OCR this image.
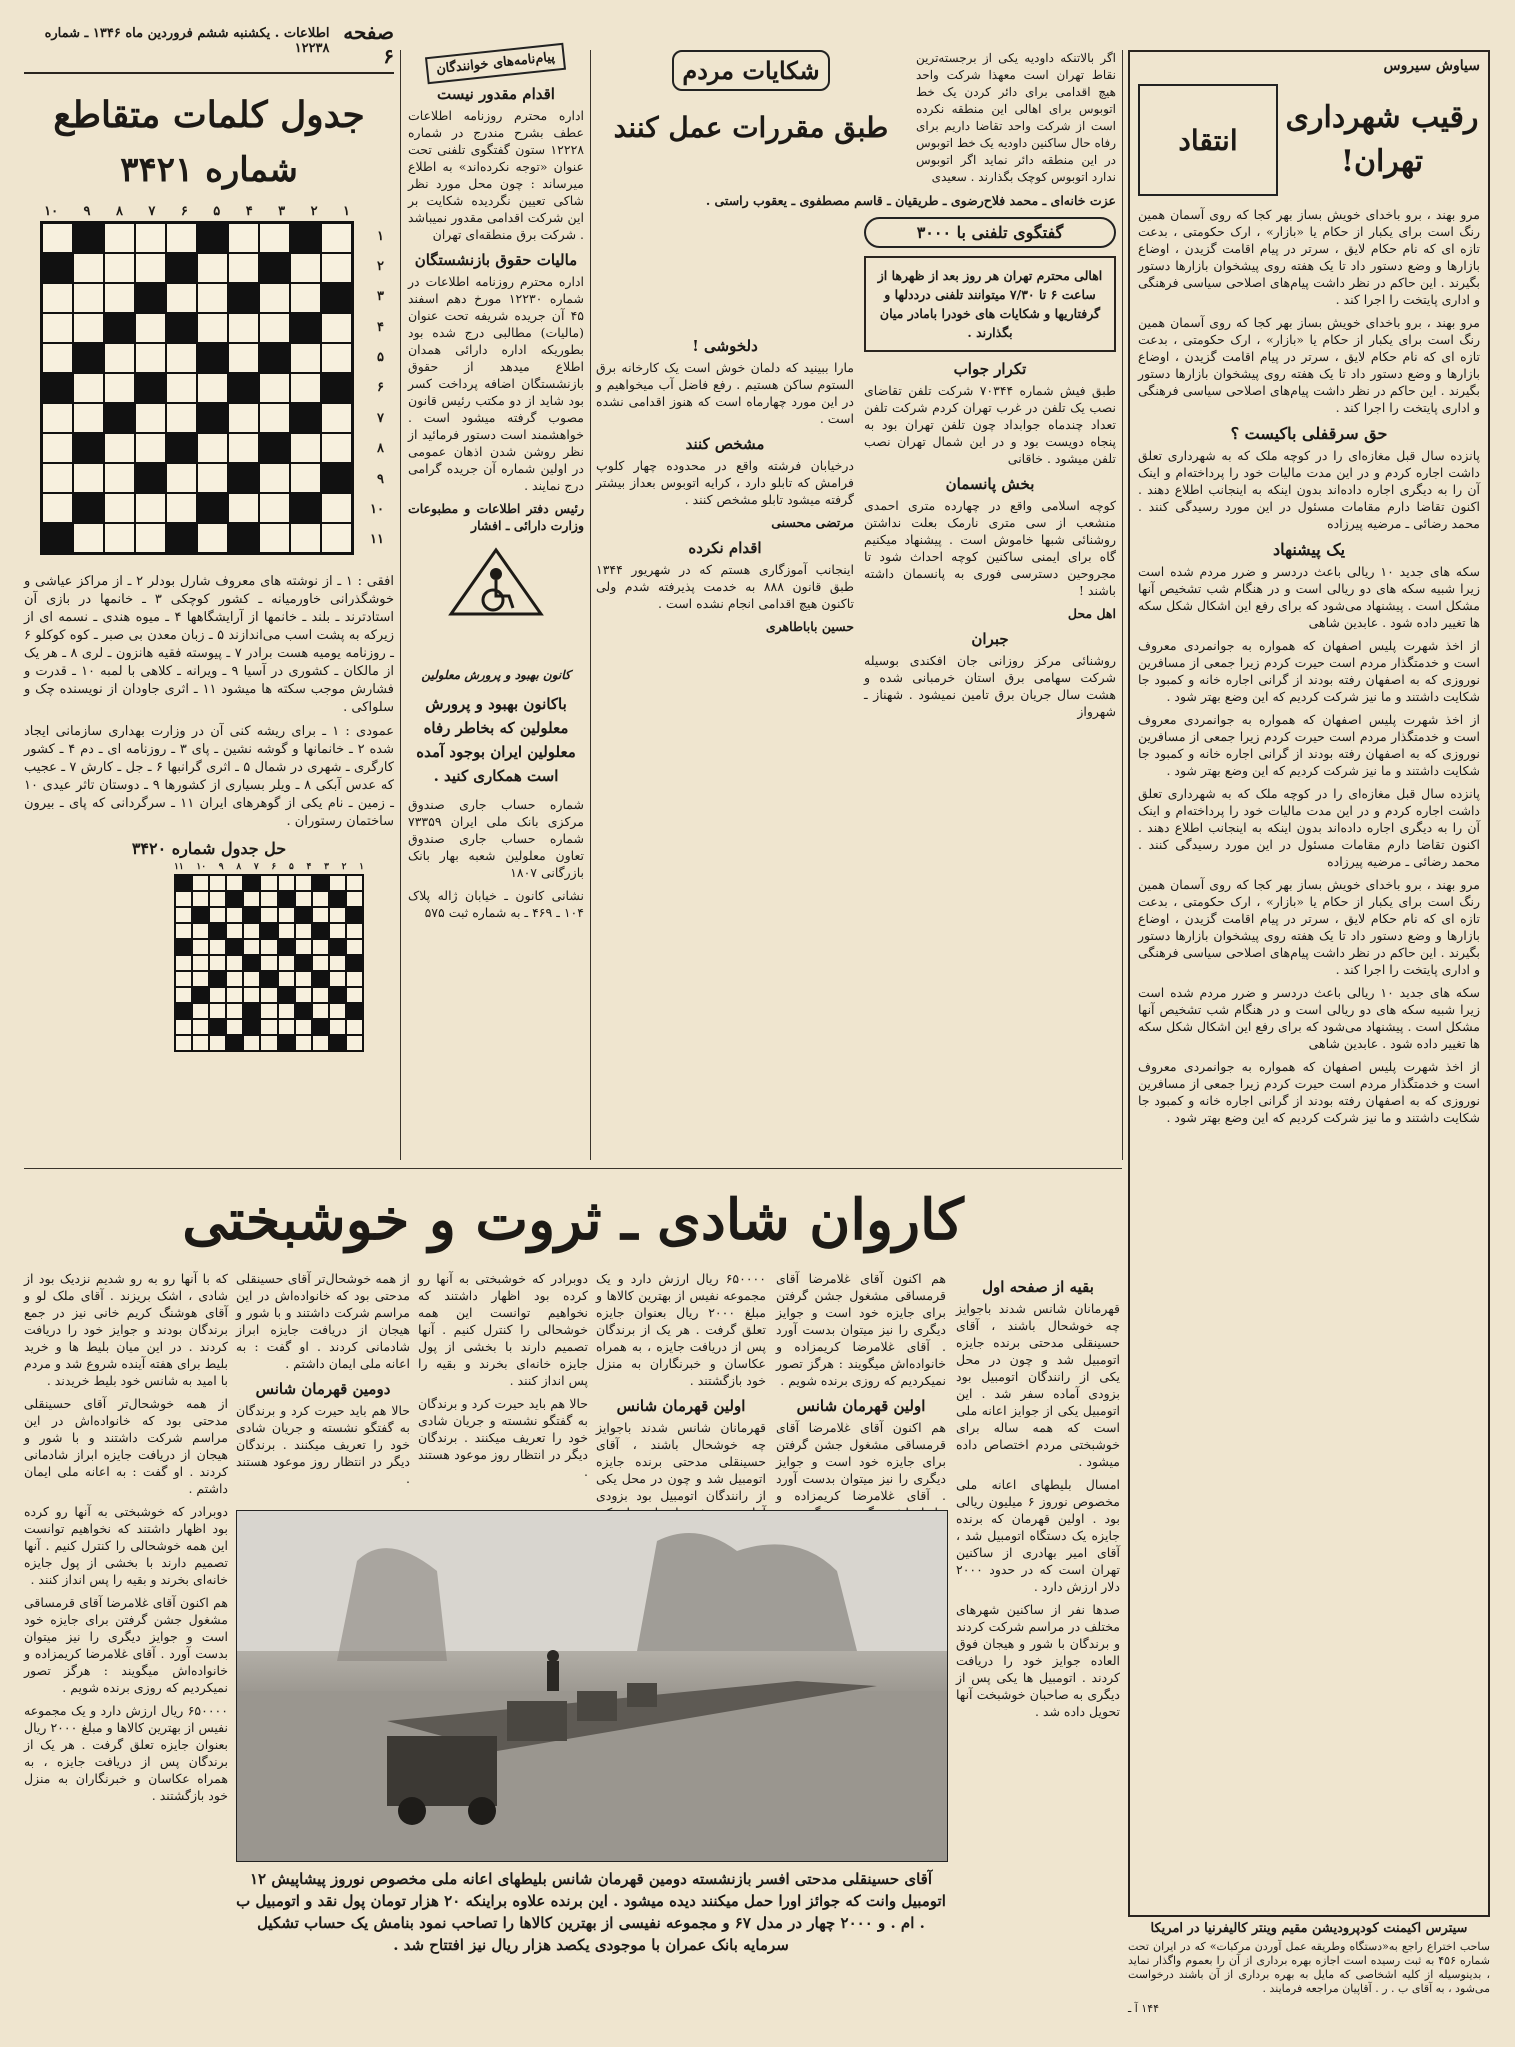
صفحه ۶
اطلاعات . یکشنبه ششم فروردین ماه ۱۳۴۶ ـ شماره ۱۲۲۳۸
جدول کلمات متقاطع
شماره ۳۴۲۱
۱
۲
۳
۴
۵
۶
۷
۸
۹
۱۰
۱
۲
۳
۴
۵
۶
۷
۸
۹
۱۰
۱۱

افقی : ۱ ـ از نوشته های معروف شارل بودلر ۲ ـ از مراکز عیاشی و خوشگذرانی خاورمیانه ـ کشور کوچکی ۳ ـ خانمها در بازی آن استادترند ـ بلند ـ خانمها از آرایشگاهها ۴ ـ میوه هندی ـ نسمه ای از زیرکه به پشت اسب می‌اندازند ۵ ـ زبان معدن بی صبر ـ کوه کوکلو ۶ ـ روزنامه یومیه هست برادر ۷ ـ پیوسته فقیه هانزون ـ لری ۸ ـ هر یک از مالکان ـ کشوری در آسیا ۹ ـ ویرانه ـ کلاهی با لمبه ۱۰ ـ قدرت و فشارش موجب سکته ها میشود ۱۱ ـ اثری جاودان از نویسنده چک و سلواکی .

عمودی : ۱ ـ برای ریشه کنی آن در وزارت بهداری سازمانی ایجاد شده ۲ ـ خانمانها و گوشه نشین ـ پای ۳ ـ روزنامه ای ـ دم ۴ ـ کشور کارگری ـ شهری در شمال ۵ ـ اثری گرانبها ۶ ـ جل ـ کارش ۷ ـ عجیب که عدس آبکی ۸ ـ ویلر بسیاری از کشورها ۹ ـ دوستان تاثر عیدی ۱۰ ـ زمین ـ نام یکی از گوهرهای ایران ۱۱ ـ سرگردانی که پای ـ بیرون ساختمان رستوران .

حل جدول شماره ۳۴۲۰
۱
۲
۳
۴
۵
۶
۷
۸
۹
۱۰
۱۱
پیام‌نامه‌های خوانندگان
اقدام مقدور نیست

اداره محترم روزنامه اطلاعات عطف بشرح مندرج در شماره ۱۲۲۲۸ ستون گفتگوی تلفنی تحت عنوان «توجه نکرده‌اند» به اطلاع میرساند : چون محل مورد نظر شاکی تعیین نگردیده شکایت بر این شرکت اقدامی مقدور نمیباشد . شرکت برق منطقه‌ای تهران

مالیات حقوق بازنشستگان

اداره محترم روزنامه اطلاعات در شماره ۱۲۲۳۰ مورخ دهم اسفند ۴۵ آن جریده شریفه تحت عنوان (مالیات) مطالبی درج شده بود بطوریکه اداره دارائی همدان اطلاع میدهد از حقوق بازنشستگان اضافه پرداخت کسر بود شاید از دو مکتب رئیس قانون مصوب گرفته میشود است . خواهشمند است دستور فرمائید از نظر روشن شدن اذهان عمومی در اولین شماره آن جریده گرامی درج نمایند .

رئیس دفتر اطلاعات و مطبوعات وزارت دارائی ـ افشار

کانون بهبود و پرورش معلولین
باکانون بهبود و پرورش معلولین که بخاطر رفاه معلولین ایران بوجود آمده است همکاری کنید .

شماره حساب جاری صندوق مرکزی بانک ملی ایران ۷۳۳۵۹ شماره حساب جاری صندوق تعاون معلولین شعبه بهار بانک بازرگانی ۱۸۰۷

نشانی کانون ـ خیابان ژاله پلاک ۱۰۴ ـ ۴۶۹ ـ به شماره ثبت ۵۷۵

اگر بالاتنکه داودیه یکی از برجسته‌ترین نقاط تهران است معهذا شرکت واحد هیچ اقدامی برای دائر کردن یک خط اتوبوس برای اهالی این منطقه نکرده است از شرکت واحد تقاضا داریم برای رفاه حال ساکنین داودیه یک خط اتوبوس در این منطقه دائر نماید اگر اتوبوس ندارد اتوبوس کوچک بگذارند . سعیدی

شکایات مردم
طبق مقررات عمل کنند

عزت خانه‌ای ـ محمد فلاح‌رضوی ـ طریقیان ـ قاسم مصطفوی ـ یعقوب راستی .

گفتگوی تلفنی با ۳۰۰۰
اهالی محترم تهران هر روز بعد از ظهرها از ساعت ۶ تا ۷/۳۰ میتوانند تلفنی درددلها و گرفتاریها و شکایات های خودرا بامادر میان بگذارند .
تکرار جواب

طبق فیش شماره ۷۰۳۴۴ شرکت تلفن تقاضای نصب یک تلفن در غرب تهران کردم شرکت تلفن تعداد چندماه جوابداد چون تلفن تهران بود به پنجاه دویست بود و در این شمال تهران نصب تلفن میشود . خاقانی

بخش پانسمان

کوچه اسلامی واقع در چهارده متری احمدی منشعب از سی متری نارمک بعلت نداشتن روشنائی شبها خاموش است . پیشنهاد میکنیم گاه برای ایمنی ساکنین کوچه احداث شود تا مجروحین دسترسی فوری به پانسمان داشته باشند !

اهل محل

جبران

روشنائی مرکز روزانی جان افکندی بوسیله شرکت سهامی برق استان خرمبانی شده و هشت سال جریان برق تامین نمیشود . شهناز ـ شهرواز

دلخوشی !

مارا ببینید که دلمان خوش است یک کارخانه برق الستوم ساکن هستیم . رفع فاضل آب میخواهیم و در این مورد چهارماه است که هنوز اقدامی نشده است .

مشخص کنند

درخیابان فرشته واقع در محدوده چهار کلوپ فرامش که تابلو دارد ، کرایه اتوبوس بعداز بیشتر گرفته میشود تابلو مشخص کنند .

مرتضی محسنی

اقدام نکرده

اینجانب آموزگاری هستم که در شهریور ۱۳۴۴ طبق قانون ۸۸۸ به خدمت پذیرفته شدم ولی تاکنون هیچ اقدامی انجام نشده است .

حسین باباطاهری

سیاوش سیروس
رقیب شهرداری تهران!
انتقاد

مرو بهند ، برو باخدای خویش بساز بهر کجا که روی آسمان همین رنگ است برای یکبار از حکام یا «بازار» ، ارک حکومتی ، بدعت تازه ای که نام حکام لایق ، سرتر در پیام اقامت گزیدن ، اوضاع بازارها و وضع دستور داد تا یک هفته روی پیشخوان بازارها دستور بگیرند . این حاکم در نظر داشت پیام‌های اصلاحی سیاسی فرهنگی و اداری پایتخت را اجرا کند .

مرو بهند ، برو باخدای خویش بساز بهر کجا که روی آسمان همین رنگ است برای یکبار از حکام یا «بازار» ، ارک حکومتی ، بدعت تازه ای که نام حکام لایق ، سرتر در پیام اقامت گزیدن ، اوضاع بازارها و وضع دستور داد تا یک هفته روی پیشخوان بازارها دستور بگیرند . این حاکم در نظر داشت پیام‌های اصلاحی سیاسی فرهنگی و اداری پایتخت را اجرا کند .

حق سرقفلی باکیست ؟

پانزده سال قبل مغازه‌ای را در کوچه ملک که به شهرداری تعلق داشت اجاره کردم و در این مدت مالیات خود را پرداخته‌ام و اینک آن را به دیگری اجاره داده‌اند بدون اینکه به اینجانب اطلاع دهند . اکنون تقاضا دارم مقامات مسئول در این مورد رسیدگی کنند . محمد رضائی ـ مرضیه پیرزاده

یک پیشنهاد

سکه های جدید ۱۰ ریالی باعث دردسر و ضرر مردم شده است زیرا شبیه سکه های دو ریالی است و در هنگام شب تشخیص آنها مشکل است . پیشنهاد می‌شود که برای رفع این اشکال شکل سکه ها تغییر داده شود . عابدین شاهی

از اخذ شهرت پلیس اصفهان که همواره به جوانمردی معروف است و خدمتگذار مردم است حیرت کردم زیرا جمعی از مسافرین نوروزی که به اصفهان رفته بودند از گرانی اجاره خانه و کمبود جا شکایت داشتند و ما نیز شرکت کردیم که این وضع بهتر شود .

از اخذ شهرت پلیس اصفهان که همواره به جوانمردی معروف است و خدمتگذار مردم است حیرت کردم زیرا جمعی از مسافرین نوروزی که به اصفهان رفته بودند از گرانی اجاره خانه و کمبود جا شکایت داشتند و ما نیز شرکت کردیم که این وضع بهتر شود .

پانزده سال قبل مغازه‌ای را در کوچه ملک که به شهرداری تعلق داشت اجاره کردم و در این مدت مالیات خود را پرداخته‌ام و اینک آن را به دیگری اجاره داده‌اند بدون اینکه به اینجانب اطلاع دهند . اکنون تقاضا دارم مقامات مسئول در این مورد رسیدگی کنند . محمد رضائی ـ مرضیه پیرزاده

مرو بهند ، برو باخدای خویش بساز بهر کجا که روی آسمان همین رنگ است برای یکبار از حکام یا «بازار» ، ارک حکومتی ، بدعت تازه ای که نام حکام لایق ، سرتر در پیام اقامت گزیدن ، اوضاع بازارها و وضع دستور داد تا یک هفته روی پیشخوان بازارها دستور بگیرند . این حاکم در نظر داشت پیام‌های اصلاحی سیاسی فرهنگی و اداری پایتخت را اجرا کند .

سکه های جدید ۱۰ ریالی باعث دردسر و ضرر مردم شده است زیرا شبیه سکه های دو ریالی است و در هنگام شب تشخیص آنها مشکل است . پیشنهاد می‌شود که برای رفع این اشکال شکل سکه ها تغییر داده شود . عابدین شاهی

از اخذ شهرت پلیس اصفهان که همواره به جوانمردی معروف است و خدمتگذار مردم است حیرت کردم زیرا جمعی از مسافرین نوروزی که به اصفهان رفته بودند از گرانی اجاره خانه و کمبود جا شکایت داشتند و ما نیز شرکت کردیم که این وضع بهتر شود .

سیترس اکیمنت کودپرودیشن مقیم وینتر کالیفرنیا در امریکا

ساحب اختراع راجع به«دستگاه وطریقه عمل آوردن مرکبات» که در ایران تحت شماره ۴۵۶ به ثبت رسیده است اجازه بهره برداری از آن را بعموم واگذار نماید ، بدینوسیله از کلیه اشخاصی که مایل به بهره برداری از آن باشند درخواست می‌شود ، به آقای ب . ر . آقاپیان مراجعه فرمایند .

۱۴۴ آ ـ
کاروان شادی ـ ثروت و خوشبختی
بقیه از صفحه اول

قهرمانان شانس شدند باجوایز چه خوشحال باشند ، آقای حسینقلی مدحتی برنده جایزه اتومبیل شد و چون در محل یکی از رانندگان اتومبیل بود بزودی آماده سفر شد . این اتومبیل یکی از جوایز اعانه ملی است که همه ساله برای خوشبختی مردم اختصاص داده میشود .

امسال بلیطهای اعانه ملی مخصوص نوروز ۶ میلیون ریالی بود . اولین قهرمان که برنده جایزه یک دستگاه اتومبیل شد ، آقای امیر بهادری از ساکنین تهران است که در حدود ۲۰۰۰ دلار ارزش دارد .

صدها نفر از ساکنین شهرهای مختلف در مراسم شرکت کردند و برندگان با شور و هیجان فوق العاده جوایز خود را دریافت کردند . اتومبیل ها یکی پس از دیگری به صاحبان خوشبخت آنها تحویل داده شد .

هم اکنون آقای غلامرضا آقای قرمساقی مشغول جشن گرفتن برای جایزه خود است و جوایز دیگری را نیز میتوان بدست آورد . آقای غلامرضا کریمزاده و خانواده‌اش میگویند : هرگز تصور نمیکردیم که روزی برنده شویم .

اولین قهرمان شانس

هم اکنون آقای غلامرضا آقای قرمساقی مشغول جشن گرفتن برای جایزه خود است و جوایز دیگری را نیز میتوان بدست آورد . آقای غلامرضا کریمزاده و

۶۵۰۰۰۰ ریال ارزش دارد و یک مجموعه نفیس از بهترین کالاها و مبلغ ۲۰۰۰ ریال بعنوان جایزه تعلق گرفت . هر یک از برندگان پس از دریافت جایزه ، به همراه عکاسان و خبرنگاران به منزل خود بازگشتند .

اولین قهرمان شانس

قهرمانان شانس شدند باجوایز چه خوشحال باشند ، آقای حسینقلی مدحتی برنده جایزه اتومبیل شد و چون در محل یکی از رانندگان اتومبیل بود بزودی

دوبرادر که خوشبختی به آنها رو کرده بود اظهار داشتند که نخواهیم توانست این همه خوشحالی را کنترل کنیم . آنها تصمیم دارند با بخشی از پول جایزه خانه‌ای بخرند و بقیه را پس انداز کنند .

حالا هم باید حیرت کرد و برندگان به گفتگو نشسته و جریان شادی خود را تعریف میکنند . برندگان دیگر در انتظار روز موعود هستند .

از همه خوشحال‌تر آقای حسینقلی مدحتی بود که خانواده‌اش در این مراسم شرکت داشتند و با شور و هیجان از دریافت جایزه ابراز شادمانی کردند . او گفت : به اعانه ملی ایمان داشتم .

دومین قهرمان شانس

حالا هم باید حیرت کرد و برندگان به گفتگو نشسته و جریان شادی خود را تعریف میکنند . برندگان دیگر در انتظار روز موعود هستند .

که با آنها رو به رو شدیم نزدیک بود از شادی ، اشک بریزند . آقای ملک لو و آقای هوشنگ کریم خانی نیز در جمع برندگان بودند و جوایز خود را دریافت کردند . در این میان بلیط ها و خرید بلیط برای هفته آینده شروع شد و مردم با امید به شانس خود بلیط خریدند .

از همه خوشحال‌تر آقای حسینقلی مدحتی بود که خانواده‌اش در این مراسم شرکت داشتند و با شور و هیجان از دریافت جایزه ابراز شادمانی کردند . او گفت : به اعانه ملی ایمان داشتم .

دوبرادر که خوشبختی به آنها رو کرده بود اظهار داشتند که نخواهیم توانست این همه خوشحالی را کنترل کنیم . آنها تصمیم دارند با بخشی از پول جایزه خانه‌ای بخرند و بقیه را پس انداز کنند .

هم اکنون آقای غلامرضا آقای قرمساقی مشغول جشن گرفتن برای جایزه خود است و جوایز دیگری را نیز میتوان بدست آورد . آقای غلامرضا کریمزاده و خانواده‌اش میگویند : هرگز تصور نمیکردیم که روزی برنده شویم .

۶۵۰۰۰۰ ریال ارزش دارد و یک مجموعه نفیس از بهترین کالاها و مبلغ ۲۰۰۰ ریال بعنوان جایزه تعلق گرفت . هر یک از برندگان پس از دریافت جایزه ، به همراه عکاسان و خبرنگاران به منزل خود بازگشتند .

آقای حسینقلی مدحتی افسر بازنشسته دومین قهرمان شانس بلیطهای اعانه ملی مخصوص نوروز پیشاپیش ۱۲ اتومبیل وانت که جوائز اورا حمل میکنند دیده میشود . این برنده علاوه براینکه ۲۰ هزار تومان پول نقد و اتومبیل ب . ام . و ۲۰۰۰ چهار در مدل ۶۷ و مجموعه نفیسی از بهترین کالاها را تصاحب نمود بنامش یک حساب تشکیل سرمایه بانک عمران با موجودی یکصد هزار ریال نیز افتتاح شد .
